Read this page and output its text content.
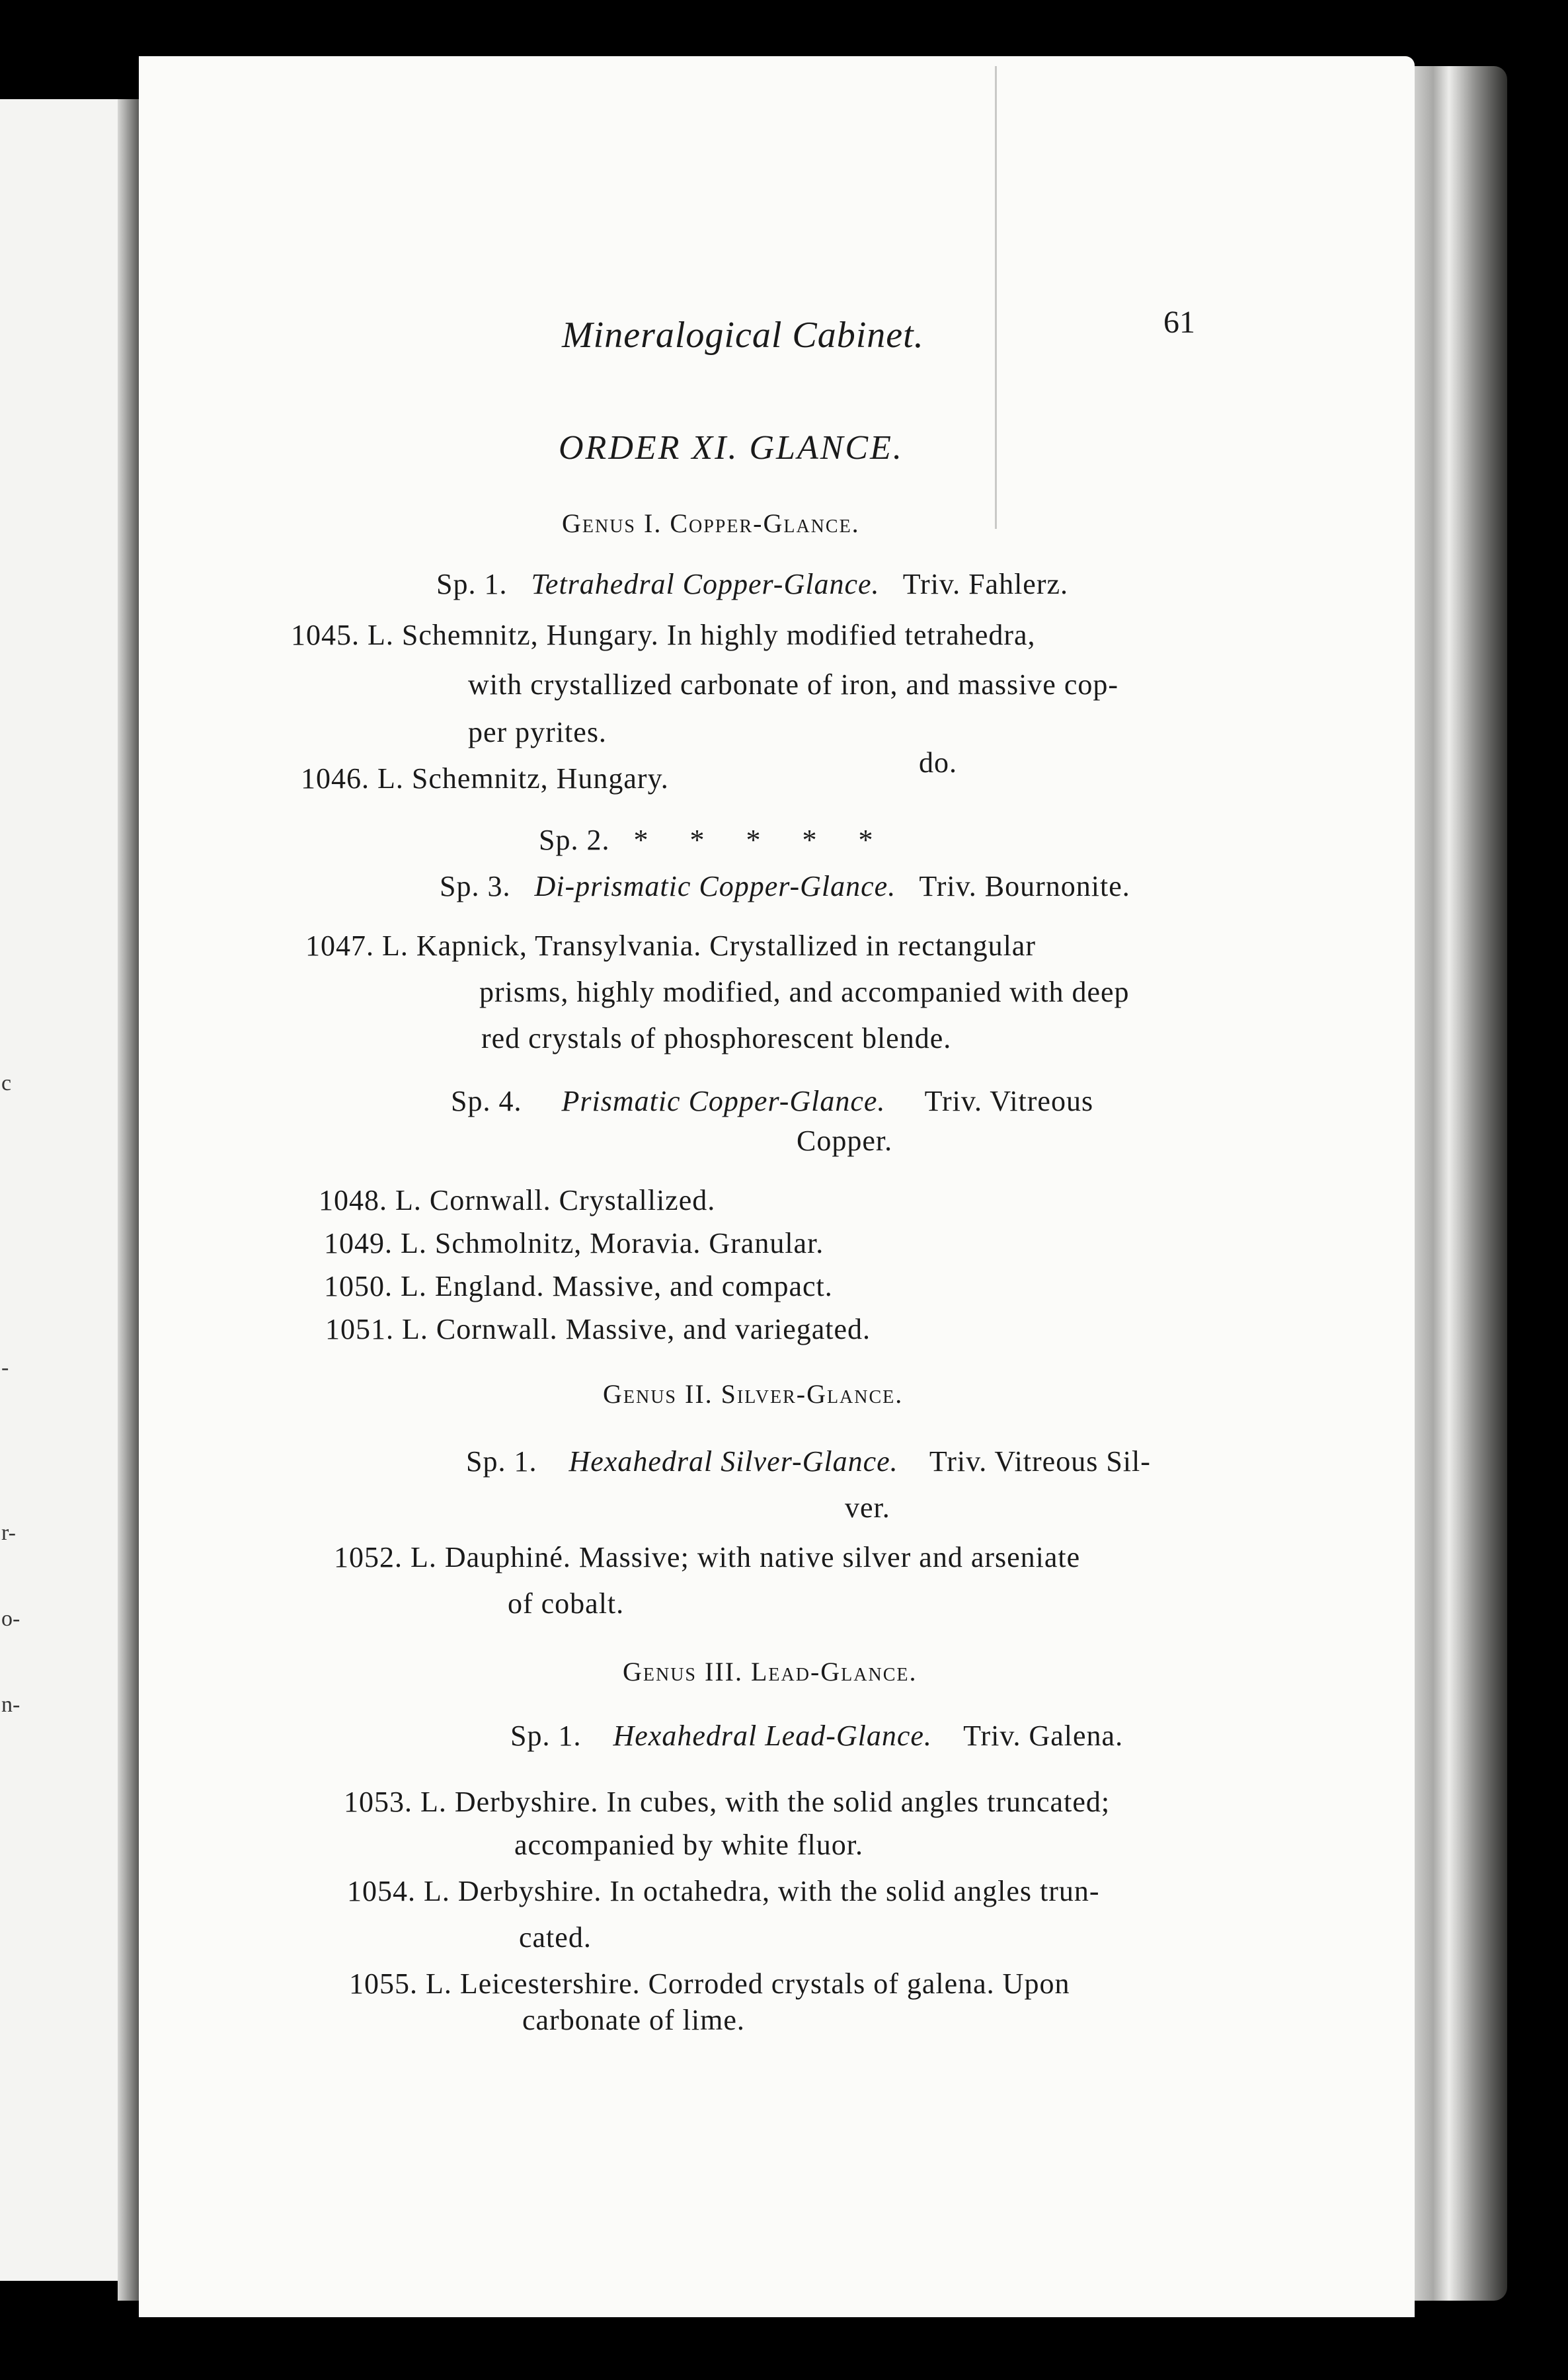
c
-
r-
o-
n-
Mineralogical Cabinet.	61
ORDER XI. GLANCE.
Genus I. Copper-Glance.
Sp. 1. Tetrahedral Copper-Glance. Triv. Fahlerz.
1045. L. Schemnitz, Hungary. In highly modified tetrahedra,
with crystallized carbonate of iron, and massive cop-
per pyrites.
1046. L. Schemnitz, Hungary.	do.
Sp. 2. * * * * *
Sp. 3. Di-prismatic Copper-Glance. Triv. Bournonite.
1047. L. Kapnick, Transylvania. Crystallized in rectangular
prisms, highly modified, and accompanied with deep
red crystals of phosphorescent blende.
Sp. 4. Prismatic Copper-Glance. Triv. Vitreous
Copper.
1048. L. Cornwall. Crystallized.
1049. L. Schmolnitz, Moravia. Granular.
1050. L. England. Massive, and compact.
1051. L. Cornwall. Massive, and variegated.
Genus II. Silver-Glance.
Sp. 1. Hexahedral Silver-Glance. Triv. Vitreous Sil-
ver.
1052. L. Dauphiné. Massive; with native silver and arseniate
of cobalt.
Genus III. Lead-Glance.
Sp. 1. Hexahedral Lead-Glance. Triv. Galena.
1053. L. Derbyshire. In cubes, with the solid angles truncated;
accompanied by white fluor.
1054. L. Derbyshire. In octahedra, with the solid angles trun-
cated.
1055. L. Leicestershire. Corroded crystals of galena. Upon
carbonate of lime.
